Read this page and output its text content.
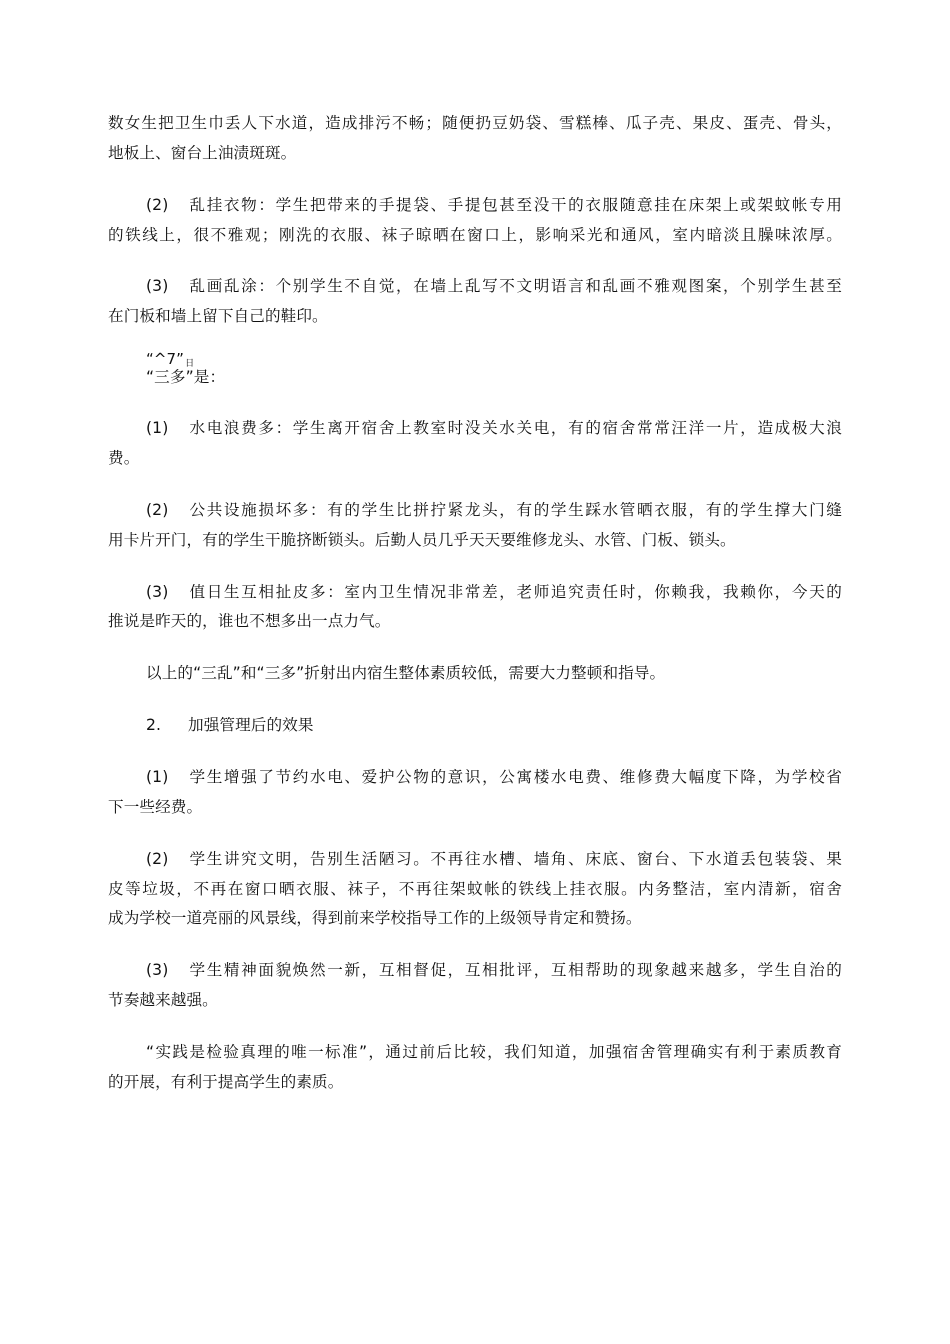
数女生把卫生巾丢人下水道，造成排污不畅；随便扔豆奶袋、雪糕棒、瓜子壳、果皮、蛋壳、骨头，
地板上、窗台上油渍斑斑。
(2) 乱挂衣物：学生把带来的手提袋、手提包甚至没干的衣服随意挂在床架上或架蚊帐专用
的铁线上，很不雅观；刚洗的衣服、袜子晾晒在窗口上，影响采光和通风，室内暗淡且臊味浓厚。
(3) 乱画乱涂：个别学生不自觉，在墙上乱写不文明语言和乱画不雅观图案，个别学生甚至
在门板和墙上留下自己的鞋印。
“$\^{}7”_日$
“三多”是：
(1) 水电浪费多：学生离开宿舍上教室时没关水关电，有的宿舍常常汪洋一片，造成极大浪
费。
(2) 公共设施损坏多：有的学生比拼拧紧龙头，有的学生踩水管晒衣服，有的学生撑大门缝
用卡片开门，有的学生干脆挤断锁头。后勤人员几乎天天要维修龙头、水管、门板、锁头。
(3) 值日生互相扯皮多：室内卫生情况非常差，老师追究责任时，你赖我，我赖你，今天的
推说是昨天的，谁也不想多出一点力气。
以上的“三乱”和“三多”折射出内宿生整体素质较低，需要大力整顿和指导。
2. 加强管理后的效果
(1) 学生增强了节约水电、爱护公物的意识，公寓楼水电费、维修费大幅度下降，为学校省
下一些经费。
(2) 学生讲究文明，告别生活陋习。不再往水槽、墙角、床底、窗台、下水道丢包装袋、果
皮等垃圾，不再在窗口晒衣服、袜子，不再往架蚊帐的铁线上挂衣服。内务整洁，室内清新，宿舍
成为学校一道亮丽的风景线，得到前来学校指导工作的上级领导肯定和赞扬。
(3) 学生精神面貌焕然一新，互相督促，互相批评，互相帮助的现象越来越多，学生自治的
节奏越来越强。
“实践是检验真理的唯一标准”，通过前后比较，我们知道，加强宿舍管理确实有利于素质教育
的开展，有利于提高学生的素质。
